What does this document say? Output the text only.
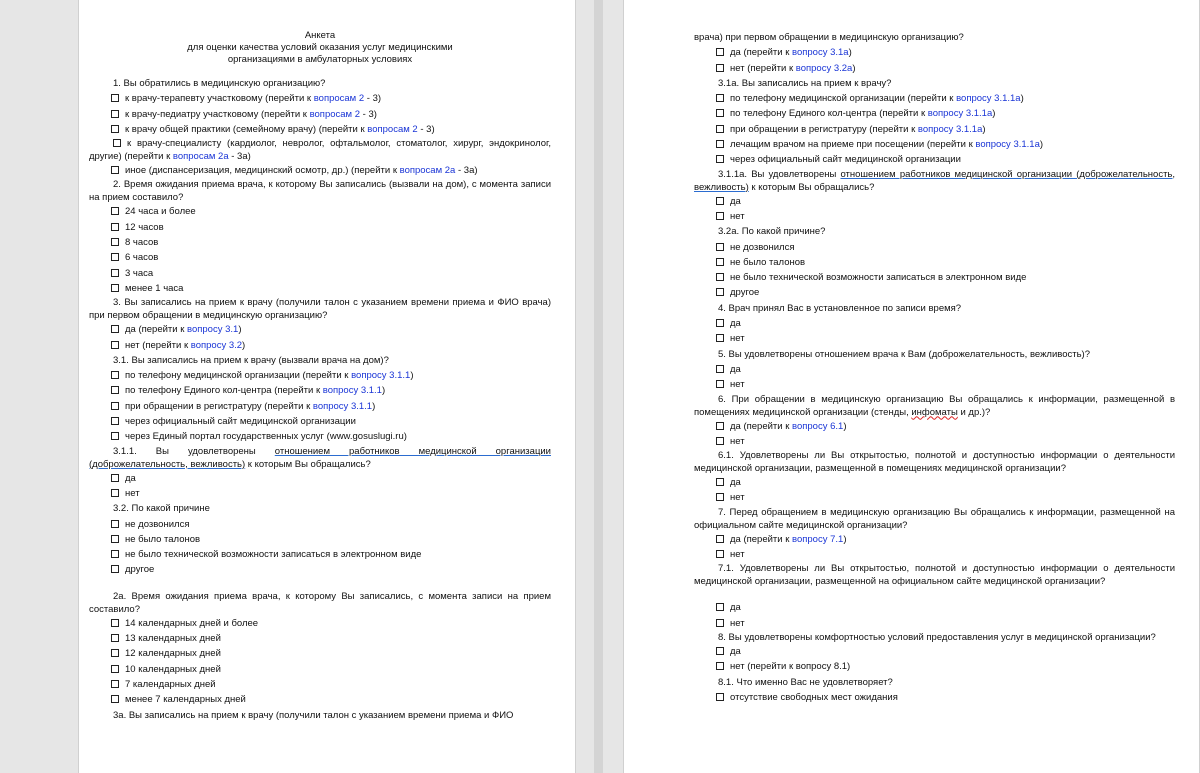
Анкета
для оценки качества условий оказания услуг медицинскими
организациями в амбулаторных условиях
1. Вы обратились в медицинскую организацию?
к врачу-терапевту участковому (перейти к вопросам 2 - 3)
к врачу-педиатру участковому (перейти к вопросам 2 - 3)
к врачу общей практики (семейному врачу) (перейти к вопросам 2 - 3)
к врачу-специалисту (кардиолог, невролог, офтальмолог, стоматолог, хирург, эндокринолог, другие) (перейти к вопросам 2а - 3а)
иное (диспансеризация, медицинский осмотр, др.) (перейти к вопросам 2а - 3а)
2. Время ожидания приема врача, к которому Вы записались (вызвали на дом), с момента записи на прием составило?
24 часа и более
12 часов
8 часов
6 часов
3 часа
менее 1 часа
3. Вы записались на прием к врачу (получили талон с указанием времени приема и ФИО врача) при первом обращении в медицинскую организацию?
да (перейти к вопросу 3.1)
нет (перейти к вопросу 3.2)
3.1. Вы записались на прием к врачу (вызвали врача на дом)?
по телефону медицинской организации (перейти к вопросу 3.1.1)
по телефону Единого кол-центра (перейти к вопросу 3.1.1)
при обращении в регистратуру (перейти к вопросу 3.1.1)
через официальный сайт медицинской организации
через Единый портал государственных услуг (www.gosuslugi.ru)
3.1.1. Вы удовлетворены отношением работников медицинской организации (доброжелательность, вежливость) к которым Вы обращались?
да
нет
3.2. По какой причине
не дозвонился
не было талонов
не было технической возможности записаться в электронном виде
другое
2а. Время ожидания приема врача, к которому Вы записались, с момента записи на прием составило?
14 календарных дней и более
13 календарных дней
12 календарных дней
10 календарных дней
7 календарных дней
менее 7 календарных дней
3а. Вы записались на прием к врачу (получили талон с указанием времени приема и ФИО
врача) при первом обращении в медицинскую организацию?
да (перейти к вопросу 3.1а)
нет (перейти к вопросу 3.2а)
3.1а. Вы записались на прием к врачу?
по телефону медицинской организации (перейти к вопросу 3.1.1а)
по телефону Единого кол-центра (перейти к вопросу 3.1.1а)
при обращении в регистратуру (перейти к вопросу 3.1.1а)
лечащим врачом на приеме при посещении (перейти к вопросу 3.1.1а)
через официальный сайт медицинской организации
3.1.1а. Вы удовлетворены отношением работников медицинской организации (доброжелательность, вежливость) к которым Вы обращались?
да
нет
3.2а. По какой причине?
не дозвонился
не было талонов
не было технической возможности записаться в электронном виде
другое
4. Врач принял Вас в установленное по записи время?
да
нет
5. Вы удовлетворены отношением врача к Вам (доброжелательность, вежливость)?
да
нет
6. При обращении в медицинскую организацию Вы обращались к информации, размещенной в помещениях медицинской организации (стенды, инфоматы и др.)?
да (перейти к вопросу 6.1)
нет
6.1. Удовлетворены ли Вы открытостью, полнотой и доступностью информации о деятельности медицинской организации, размещенной в помещениях медицинской организации?
да
нет
7. Перед обращением в медицинскую организацию Вы обращались к информации, размещенной на официальном сайте медицинской организации?
да (перейти к вопросу 7.1)
нет
7.1. Удовлетворены ли Вы открытостью, полнотой и доступностью информации о деятельности медицинской организации, размещенной на официальном сайте медицинской организации?
да
нет
8. Вы удовлетворены комфортностью условий предоставления услуг в медицинской организации?
да
нет (перейти к вопросу 8.1)
8.1. Что именно Вас не удовлетворяет?
отсутствие свободных мест ожидания
